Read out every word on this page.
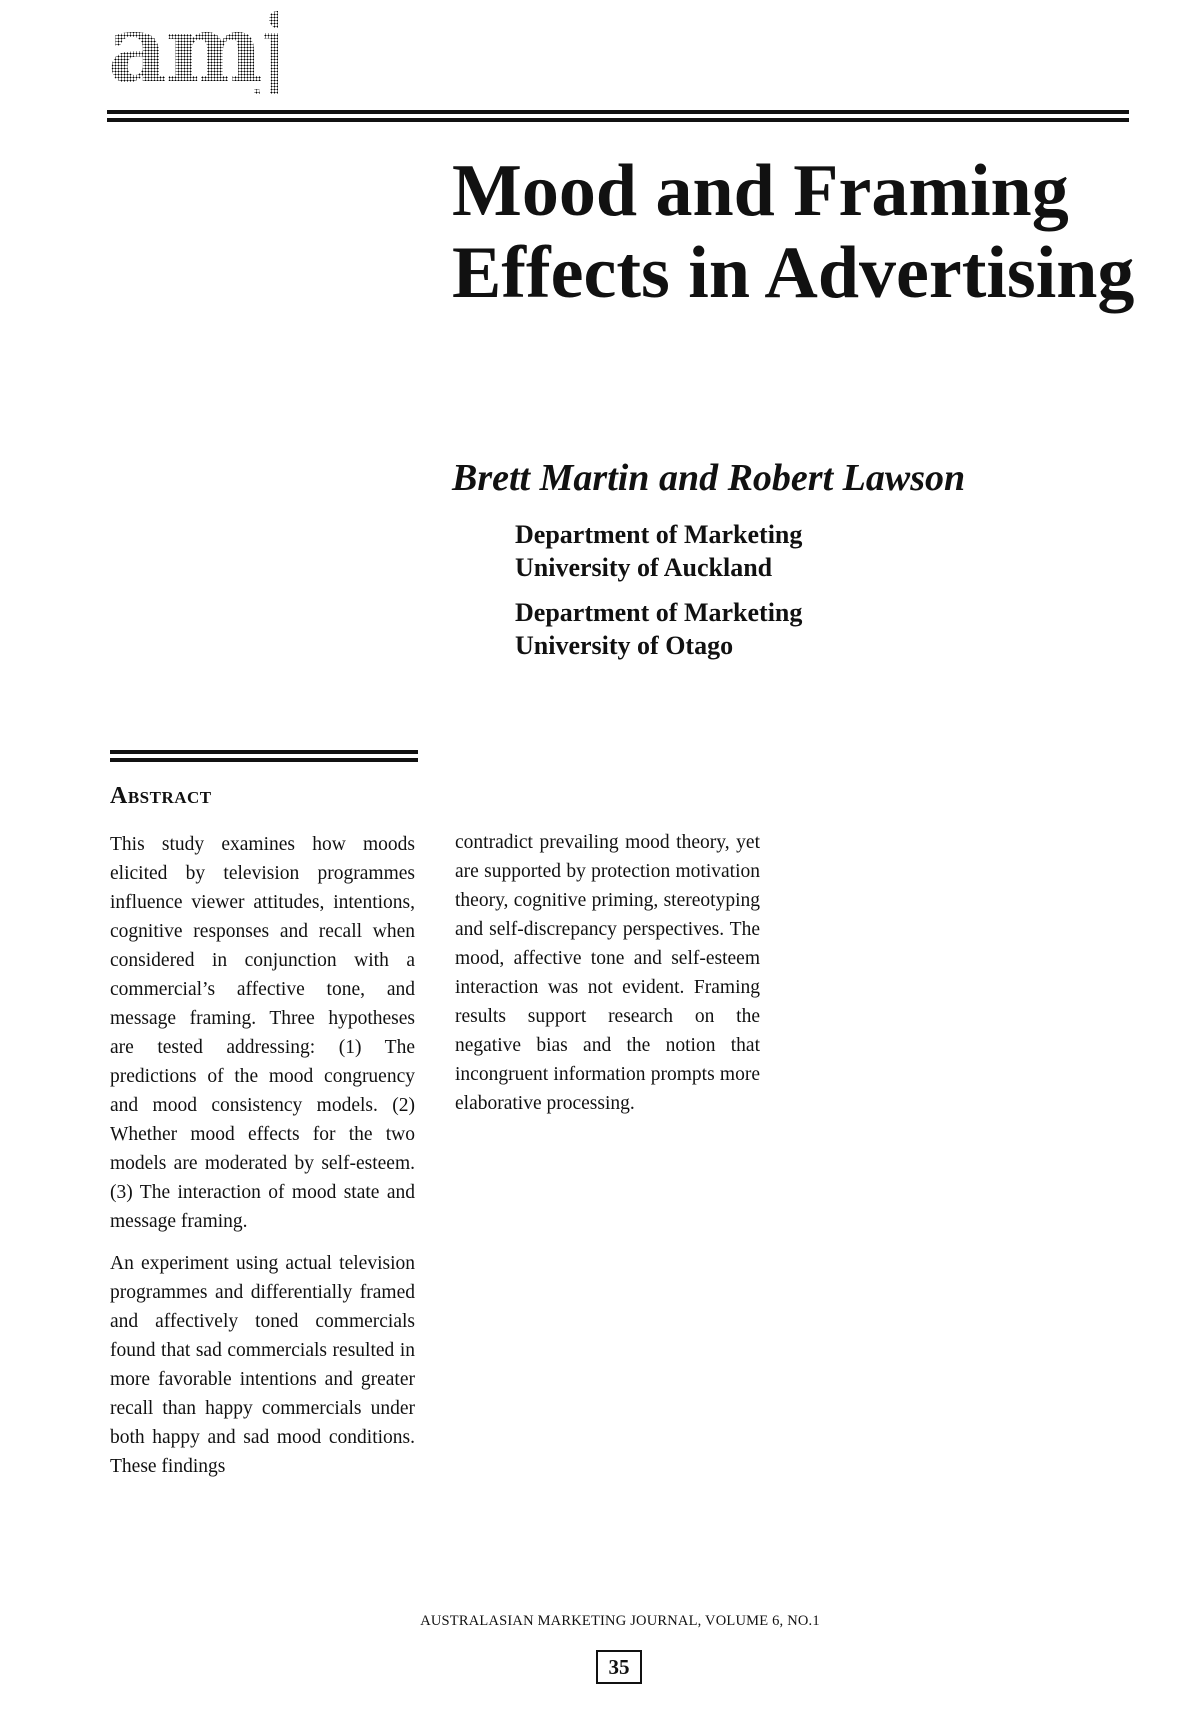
amj
Mood and Framing Effects in Advertising
Brett Martin and Robert Lawson
Department of Marketing
University of Auckland
Department of Marketing
University of Otago
Abstract

This study examines how moods elicited by television programmes influence viewer attitudes, intentions, cognitive responses and recall when considered in conjunction with a commercial’s affective tone, and message framing. Three hypotheses are tested addressing: (1) The predictions of the mood congruency and mood consistency models. (2) Whether mood effects for the two models are moderated by self-esteem. (3) The interaction of mood state and message framing.

An experiment using actual television programmes and differentially framed and affectively toned commercials found that sad commercials resulted in more favorable intentions and greater recall than happy commercials under both happy and sad mood conditions. These findings

contradict prevailing mood theory, yet are supported by protection motivation theory, cognitive priming, stereotyping and self-discrepancy perspectives. The mood, affective tone and self-esteem interaction was not evident. Framing results support research on the negative bias and the notion that incongruent information prompts more elaborative processing.

AUSTRALASIAN MARKETING JOURNAL, VOLUME 6, NO.1
35
